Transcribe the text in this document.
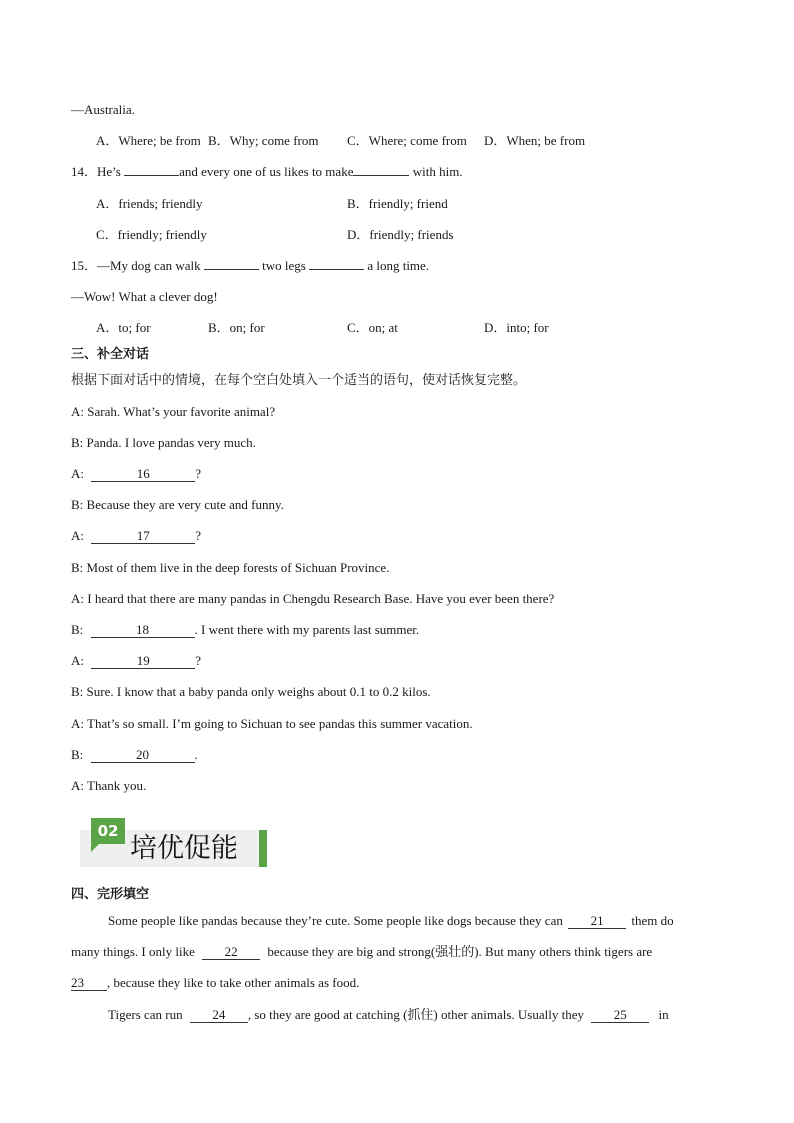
—Australia.
A．Where; be from B．Why; come from C．Where; come from D．When; be from
14．He’s	and every one of us likes to make	with him.
A．friends; friendly	B．friendly; friend
C．friendly; friendly	D．friendly; friends
15．—My dog can walk	two legs	a long time.
—Wow! What a clever dog!
A．to; for	B．on; for	C．on; at	D．into; for
三、补全对话
根据下面对话中的情境，在每个空白处填入一个适当的语句，使对话恢复完整。
A: Sarah. What’s your favorite animal?
B: Panda. I love pandas very much.
A:	16	?
B: Because they are very cute and funny.
A:	17	?
B: Most of them live in the deep forests of Sichuan Province.
A: I heard that there are many pandas in Chengdu Research Base. Have you ever been there?
B:	18	. I went there with my parents last summer.
A:	19	?
B: Sure. I know that a baby panda only weighs about 0.1 to 0.2 kilos.
A: That’s so small. I’m going to Sichuan to see pandas this summer vacation.
B:	20	.
A: Thank you.
02
培优促能
四、完形填空
Some people like pandas because they’re cute. Some people like dogs because they can 21 them do
many things. I only like 22 because they are big and strong(强壮的). But many others think tigers are
23 , because they like to take other animals as food.
Tigers can run 24 , so they are good at catching (抓住) other animals. Usually they 25 in
